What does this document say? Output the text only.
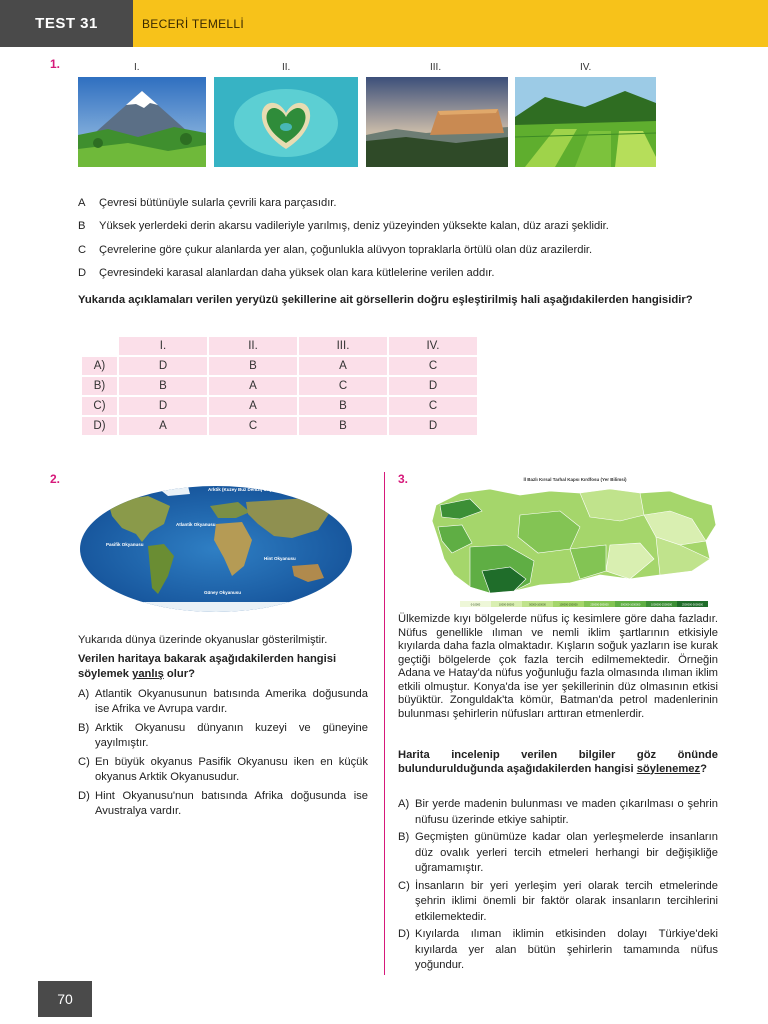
TEST 31	BECERİ TEMELLİ
1.	I.	II.	III.	IV.
A	Çevresi bütünüyle sularla çevrili kara parçasıdır.
B	Yüksek yerlerdeki derin akarsu vadileriyle yarılmış, deniz yüzeyinden yüksekte kalan, düz arazi şeklidir.
C	Çevrelerine göre çukur alanlarda yer alan, çoğunlukla alüvyon topraklarla örtülü olan düz arazilerdir.
D	Çevresindeki karasal alanlardan daha yüksek olan kara kütlelerine verilen addır.
Yukarıda açıklamaları verilen yeryüzü şekillerine ait görsellerin doğru eşleştirilmiş hali aşağıdakilerden hangisidir?
	I.	II.	III.	IV.
A)	D	B	A	C
B)	B	A	C	D
C)	D	A	B	C
D)	A	C	B	D
2.
Arktik (Kuzey Buz Denizi) Okyanusu
Atlantik Okyanusu
Pasifik Okyanusu
Hint Okyanusu
Güney Okyanusu
Yukarıda dünya üzerinde okyanuslar gösterilmiştir.
Verilen haritaya bakarak aşağıdakilerden hangisi söylemek yanlış olur?
A) Atlantik Okyanusunun batısında Amerika doğusunda ise Afrika ve Avrupa vardır.
B) Arktik Okyanusu dünyanın kuzeyi ve güneyine yayılmıştır.
C) En büyük okyanus Pasifik Okyanusu iken en küçük okyanus Arktik Okyanusudur.
D) Hint Okyanusu'nun batısında Afrika doğusunda ise Avustralya vardır.
3.	İl Bazlı Kırsal Tarhal Kapsı Kırdfosu (Yer Bilimsi)
0-10000	10000-50000	50000-100000	100000-250000	250000-500000	500000-1000000	1000000-2500000	2500000-5000000
Ülkemizde kıyı bölgelerde nüfus iç kesimlere göre daha fazladır. Nüfus genellikle ılıman ve nemli iklim şartlarının etkisiyle kıyılarda daha fazla olmaktadır. Kışların soğuk yazların ise kurak geçtiği bölgelerde çok fazla tercih edilmemektedir. Örneğin Adana ve Hatay'da nüfus yoğunluğu fazla olmasında ılıman iklim etkili olmuştur. Konya'da ise yer şekillerinin düz olmasının etkisi büyüktür. Zonguldak'ta kömür, Batman'da petrol madenlerinin bulunması şehirlerin nüfusları arttıran etmenlerdir.
Harita incelenip verilen bilgiler göz önünde bulundurulduğunda aşağıdakilerden hangisi söylenemez?
A) Bir yerde madenin bulunması ve maden çıkarılması o şehrin nüfusu üzerinde etkiye sahiptir.
B) Geçmişten günümüze kadar olan yerleşmelerde insanların düz ovalık yerleri tercih etmeleri herhangi bir değişikliğe uğramamıştır.
C) İnsanların bir yeri yerleşim yeri olarak tercih etmelerinde şehrin iklimi önemli bir faktör olarak insanların tercihlerini etkilemektedir.
D) Kıyılarda ılıman iklimin etkisinden dolayı Türkiye'deki kıyılarda yer alan bütün şehirlerin tamamında nüfus yoğundur.
70
